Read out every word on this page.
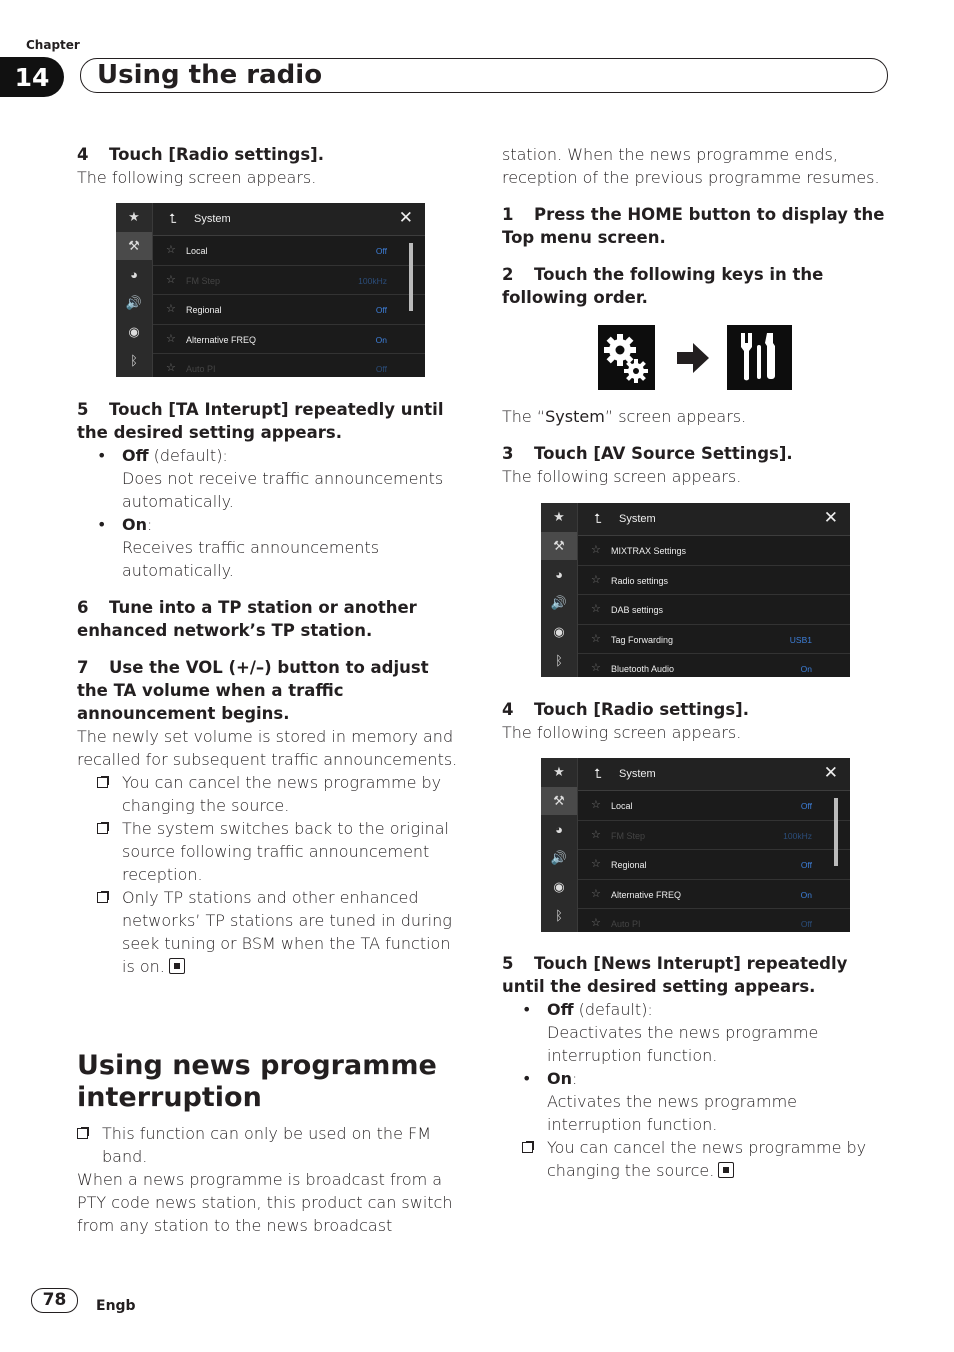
Chapter
14	Using the radio

4 Touch [Radio settings].

The following screen appears.

★
⚒
◕
🔊
◉
ᛒ
⮤ System	✕
☆ Local	Off
☆ FM Step	100kHz
☆ Regional	Off
☆ Alternative FREQ	On
☆ Auto PI	Off

5 Touch [TA Interupt] repeatedly until the desired setting appears.

• Off (default):

Does not receive traffic announcements automatically.

• On:

Receives traffic announcements automatically.

6 Tune into a TP station or another enhanced network’s TP station.

7 Use the VOL (+/–) button to adjust the TA volume when a traffic announcement begins.

The newly set volume is stored in memory and recalled for subsequent traffic announcements.

You can cancel the news programme by changing the source.
The system switches back to the original source following traffic announcement reception.
Only TP stations and other enhanced networks’ TP stations are tuned in during seek tuning or BSM when the TA function is on.

Using news programme interruption

This function can only be used on the FM band.

When a news programme is broadcast from a PTY code news station, this product can switch from any station to the news broadcast

station. When the news programme ends, reception of the previous programme resumes.

1 Press the HOME button to display the Top menu screen.

2 Touch the following keys in the following order.

The “System” screen appears.

3 Touch [AV Source Settings].

The following screen appears.

★
⚒
◕
🔊
◉
ᛒ
⮤ System	✕
☆ MIXTRAX Settings
☆ Radio settings
☆ DAB settings
☆ Tag Forwarding	USB1
☆ Bluetooth Audio	On

4 Touch [Radio settings].

The following screen appears.

★
⚒
◕
🔊
◉
ᛒ
⮤ System	✕
☆ Local	Off
☆ FM Step	100kHz
☆ Regional	Off
☆ Alternative FREQ	On
☆ Auto PI	Off

5 Touch [News Interupt] repeatedly until the desired setting appears.

• Off (default):

Deactivates the news programme interruption function.

• On:

Activates the news programme interruption function.

You can cancel the news programme by changing the source.
78	Engb
